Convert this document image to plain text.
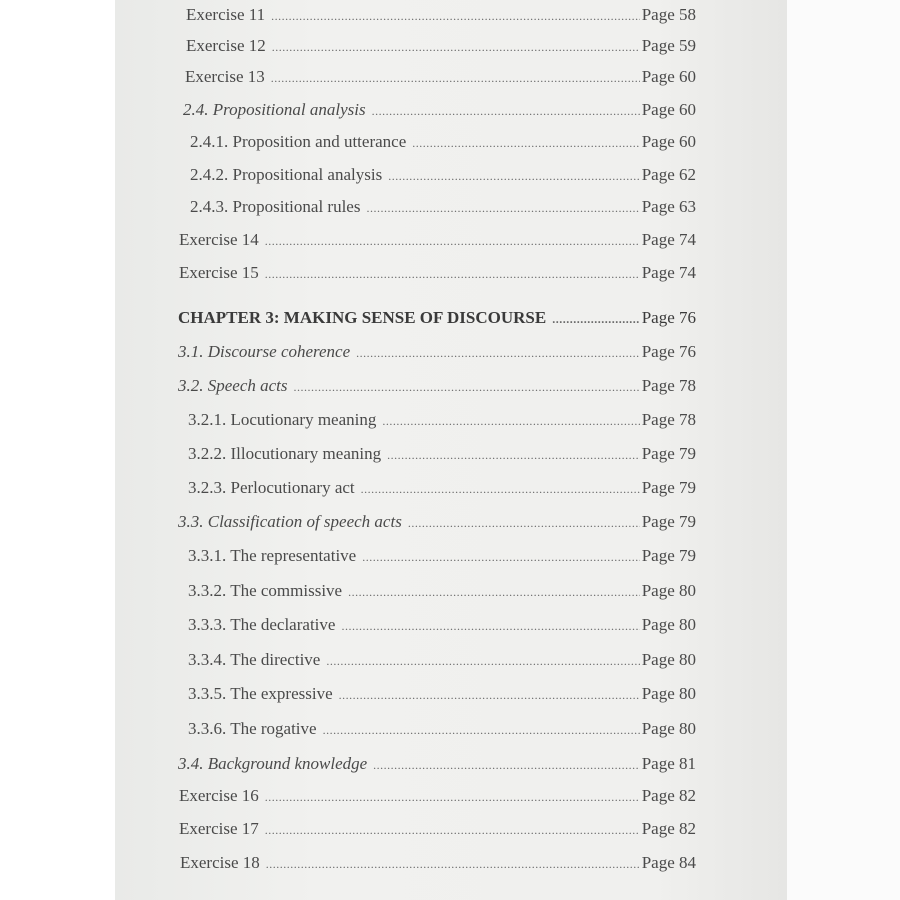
Exercise 11 .....	Page 58
Exercise 12 .....	Page 59
Exercise 13 .....	Page 60
2.4. Propositional analysis .....	Page 60
2.4.1. Proposition and utterance .....	Page 60
2.4.2. Propositional analysis .....	Page 62
2.4.3. Propositional rules .....	Page 63
Exercise 14 .....	Page 74
Exercise 15 .....	Page 74
CHAPTER 3: MAKING SENSE OF DISCOURSE .....	Page 76
3.1. Discourse coherence .....	Page 76
3.2. Speech acts .....	Page 78
3.2.1. Locutionary meaning .....	Page 78
3.2.2. Illocutionary meaning .....	Page 79
3.2.3. Perlocutionary act .....	Page 79
3.3. Classification of speech acts .....	Page 79
3.3.1. The representative .....	Page 79
3.3.2. The commissive .....	Page 80
3.3.3. The declarative .....	Page 80
3.3.4. The directive .....	Page 80
3.3.5. The expressive .....	Page 80
3.3.6. The rogative .....	Page 80
3.4. Background knowledge .....	Page 81
Exercise 16 .....	Page 82
Exercise 17 .....	Page 82
Exercise 18 .....	Page 84
